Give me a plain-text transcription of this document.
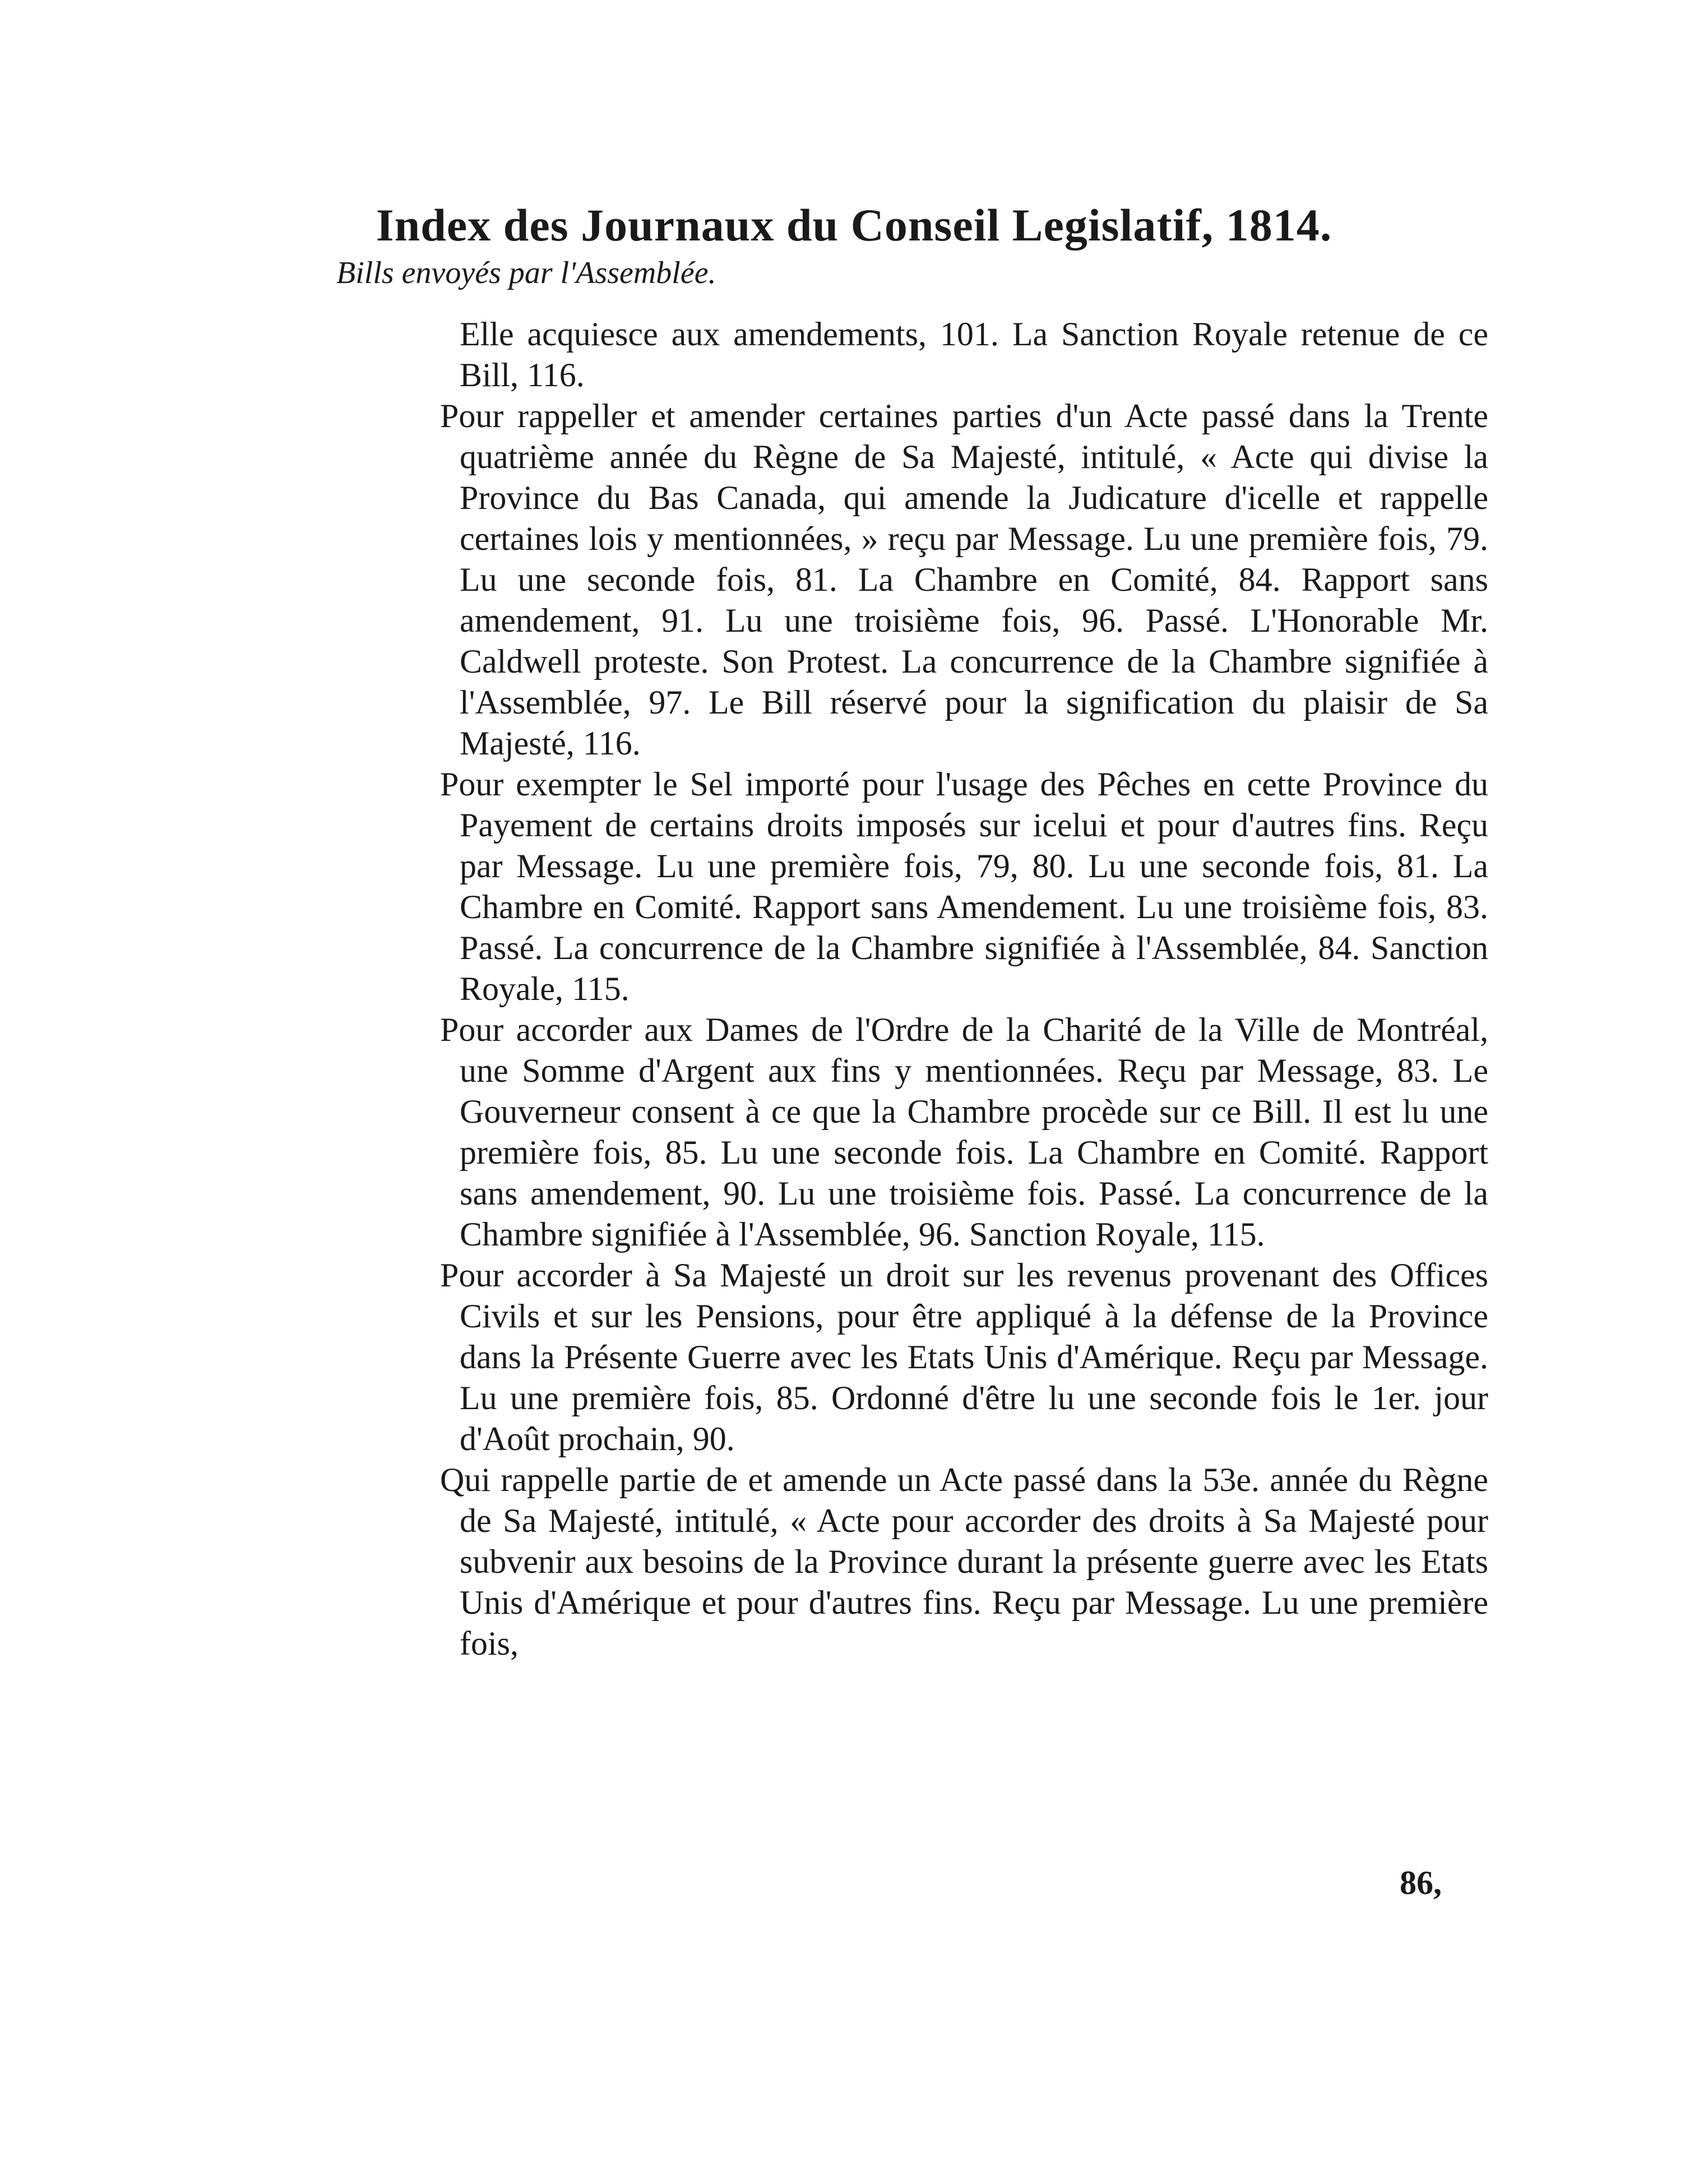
Index des Journaux du Conseil Legislatif, 1814.
Bills envoyés par l'Assemblée.

Elle acquiesce aux amendements, 101. La Sanction Royale retenue de ce Bill, 116.

Pour rappeller et amender certaines parties d'un Acte passé dans la Trente quatrième année du Règne de Sa Majesté, intitulé, « Acte qui divise la Province du Bas Canada, qui amende la Judicature d'icelle et rappelle certaines lois y mentionnées, » reçu par Message. Lu une première fois, 79. Lu une seconde fois, 81. La Chambre en Comité, 84. Rapport sans amendement, 91. Lu une troisième fois, 96. Passé. L'Honorable Mr. Caldwell proteste. Son Protest. La concurrence de la Chambre signifiée à l'Assemblée, 97. Le Bill réservé pour la signification du plaisir de Sa Majesté, 116.

Pour exempter le Sel importé pour l'usage des Pêches en cette Province du Payement de certains droits imposés sur icelui et pour d'autres fins. Reçu par Message. Lu une première fois, 79, 80. Lu une seconde fois, 81. La Chambre en Comité. Rapport sans Amendement. Lu une troisième fois, 83. Passé. La concurrence de la Chambre signifiée à l'Assemblée, 84. Sanction Royale, 115.

Pour accorder aux Dames de l'Ordre de la Charité de la Ville de Montréal, une Somme d'Argent aux fins y mentionnées. Reçu par Message, 83. Le Gouverneur consent à ce que la Chambre procède sur ce Bill. Il est lu une première fois, 85. Lu une seconde fois. La Chambre en Comité. Rapport sans amendement, 90. Lu une troisième fois. Passé. La concurrence de la Chambre signifiée à l'Assemblée, 96. Sanction Royale, 115.

Pour accorder à Sa Majesté un droit sur les revenus provenant des Offices Civils et sur les Pensions, pour être appliqué à la défense de la Province dans la Présente Guerre avec les Etats Unis d'Amérique. Reçu par Message. Lu une première fois, 85. Ordonné d'être lu une seconde fois le 1er. jour d'Août prochain, 90.

Qui rappelle partie de et amende un Acte passé dans la 53e. année du Règne de Sa Majesté, intitulé, « Acte pour accorder des droits à Sa Majesté pour subvenir aux besoins de la Province durant la présente guerre avec les Etats Unis d'Amérique et pour d'autres fins. Reçu par Message. Lu une première fois,

86,
